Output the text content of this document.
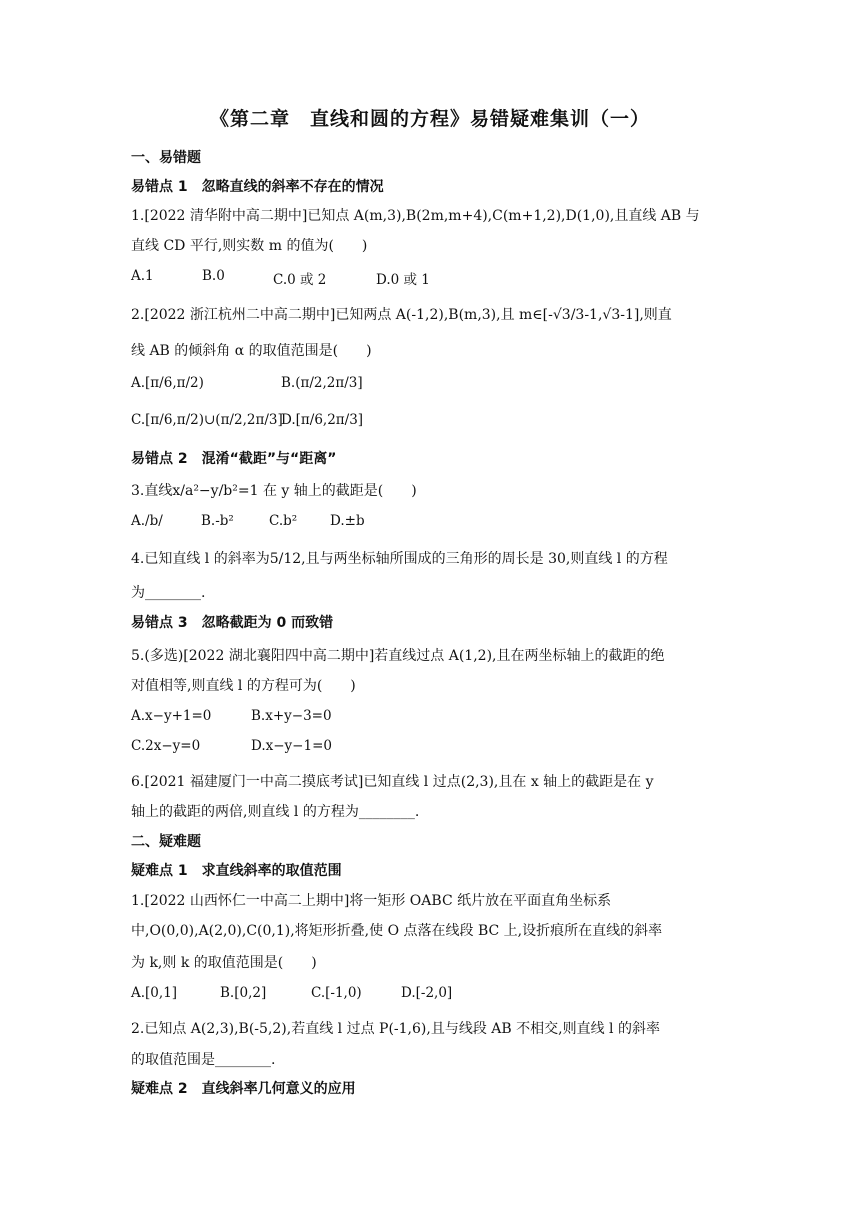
《第二章　直线和圆的方程》易错疑难集训（一）
一、易错题
易错点 1　忽略直线的斜率不存在的情况
1.[2022 清华附中高二期中]已知点 A(m,3),B(2m,m+4),C(m+1,2),D(1,0),且直线 AB 与
直线 CD 平行,则实数 m 的值为(　　)
A.1	B.0	C.0 或 2	D.0 或 1
2.[2022 浙江杭州二中高二期中]已知两点 A(-1,2),B(m,3),且 m∈[-√3/3-1,√3-1],则直
线 AB 的倾斜角 α 的取值范围是(　　)
A.[π/6,π/2)	B.(π/2,2π/3]
C.[π/6,π/2)∪(π/2,2π/3]
D.[π/6,2π/3]
易错点 2　混淆“截距”与“距离”
3.直线x/a²−y/b²=1 在 y 轴上的截距是(　　)
A./b/	B.-b²	C.b² D.±b
4.已知直线 l 的斜率为5/12,且与两坐标轴所围成的三角形的周长是 30,则直线 l 的方程
为________.
易错点 3　忽略截距为 0 而致错
5.(多选)[2022 湖北襄阳四中高二期中]若直线过点 A(1,2),且在两坐标轴上的截距的绝
对值相等,则直线 l 的方程可为(　　)
A.x−y+1=0	B.x+y−3=0
C.2x−y=0	D.x−y−1=0
6.[2021 福建厦门一中高二摸底考试]已知直线 l 过点(2,3),且在 x 轴上的截距是在 y
轴上的截距的两倍,则直线 l 的方程为________.
二、疑难题
疑难点 1　求直线斜率的取值范围
1.[2022 山西怀仁一中高二上期中]将一矩形 OABC 纸片放在平面直角坐标系
中,O(0,0),A(2,0),C(0,1),将矩形折叠,使 O 点落在线段 BC 上,设折痕所在直线的斜率
为 k,则 k 的取值范围是(　　)
A.[0,1]	B.[0,2]	C.[-1,0)	D.[-2,0]
2.已知点 A(2,3),B(-5,2),若直线 l 过点 P(-1,6),且与线段 AB 不相交,则直线 l 的斜率
的取值范围是________.
疑难点 2　直线斜率几何意义的应用
